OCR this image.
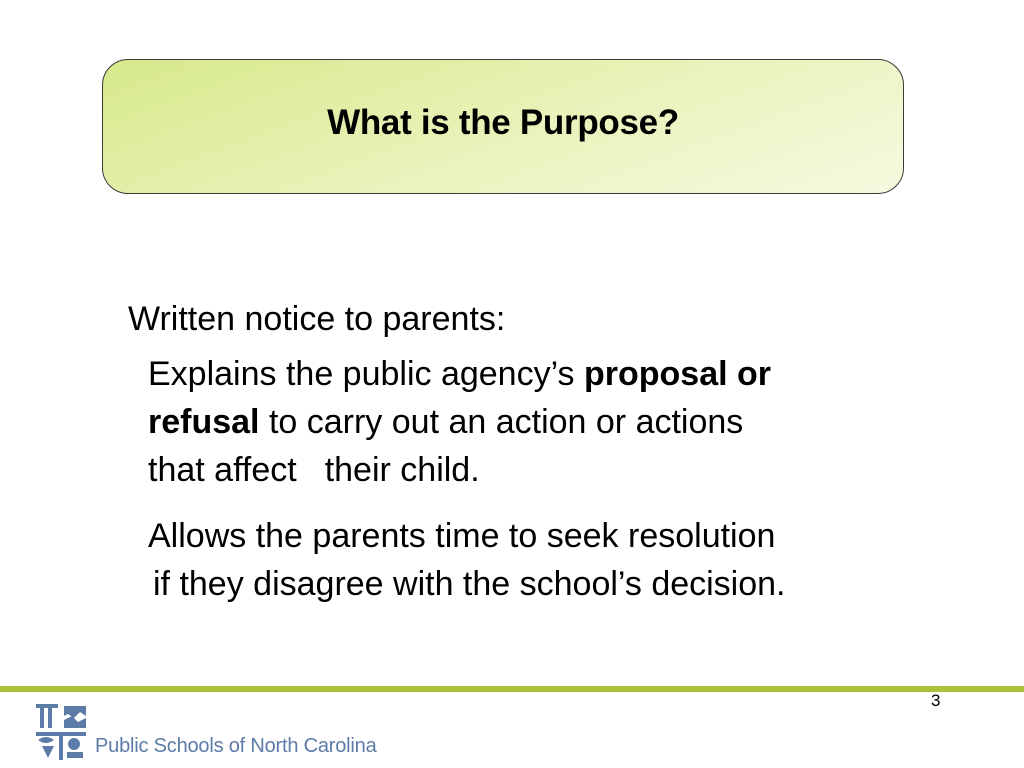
What is the Purpose?
Written notice to parents:
Explains the public agency’s proposal or
refusal to carry out an action or actions
that affect their child.
Allows the parents time to seek resolution
if they disagree with the school’s decision.
3
Public Schools of North Carolina
